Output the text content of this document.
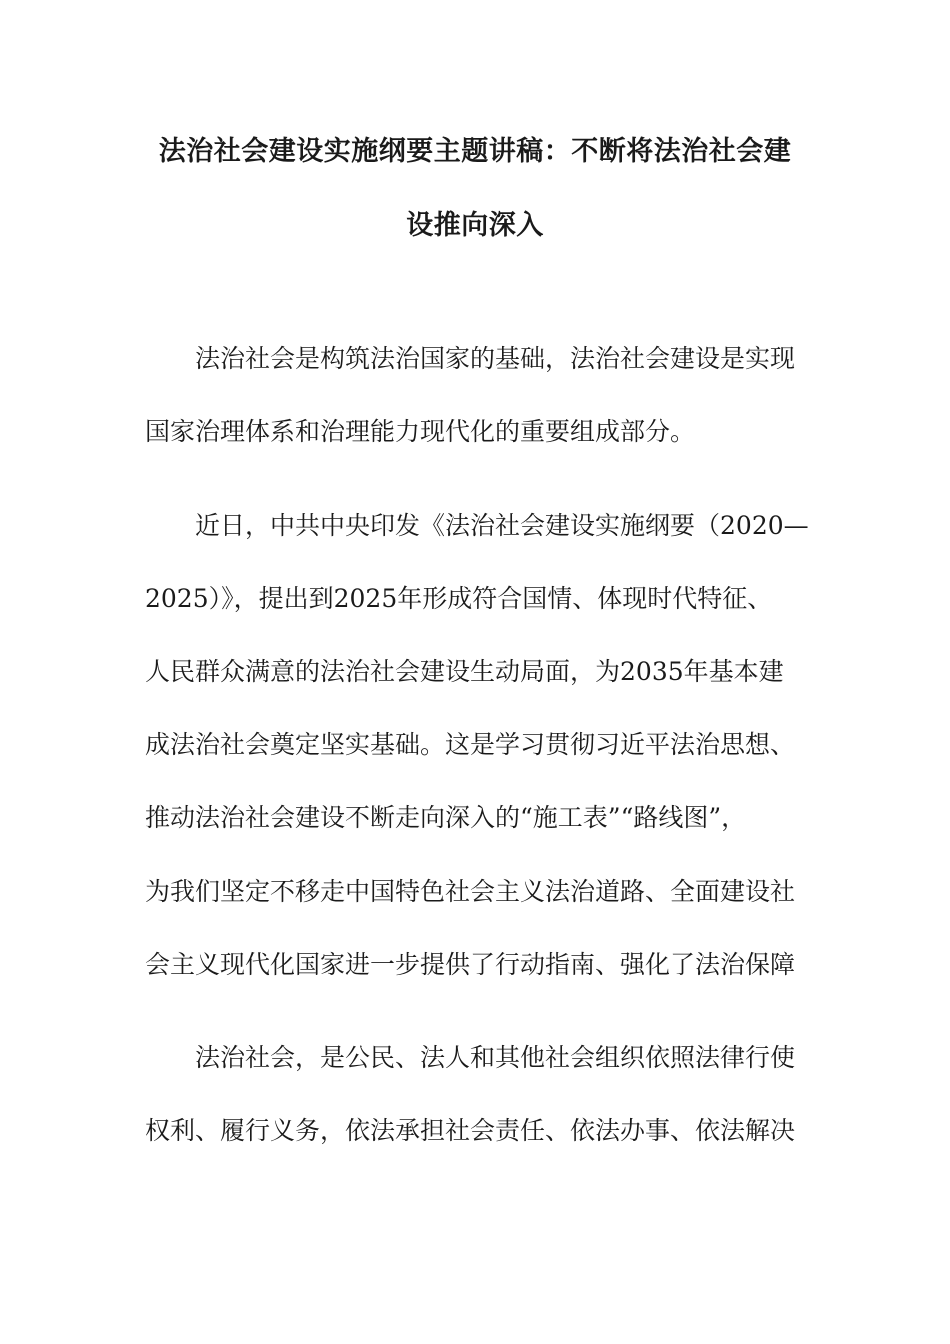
法治社会建设实施纲要主题讲稿：不断将法治社会建
设推向深入
法治社会是构筑法治国家的基础，法治社会建设是实现
国家治理体系和治理能力现代化的重要组成部分。
近日，中共中央印发《法治社会建设实施纲要（2020—
2025）》，提出到2025年形成符合国情、体现时代特征、
人民群众满意的法治社会建设生动局面，为2035年基本建
成法治社会奠定坚实基础。这是学习贯彻习近平法治思想、
推动法治社会建设不断走向深入的“施工表”“路线图”，
为我们坚定不移走中国特色社会主义法治道路、全面建设社
会主义现代化国家进一步提供了行动指南、强化了法治保障
法治社会，是公民、法人和其他社会组织依照法律行使
权利、履行义务，依法承担社会责任、依法办事、依法解决
